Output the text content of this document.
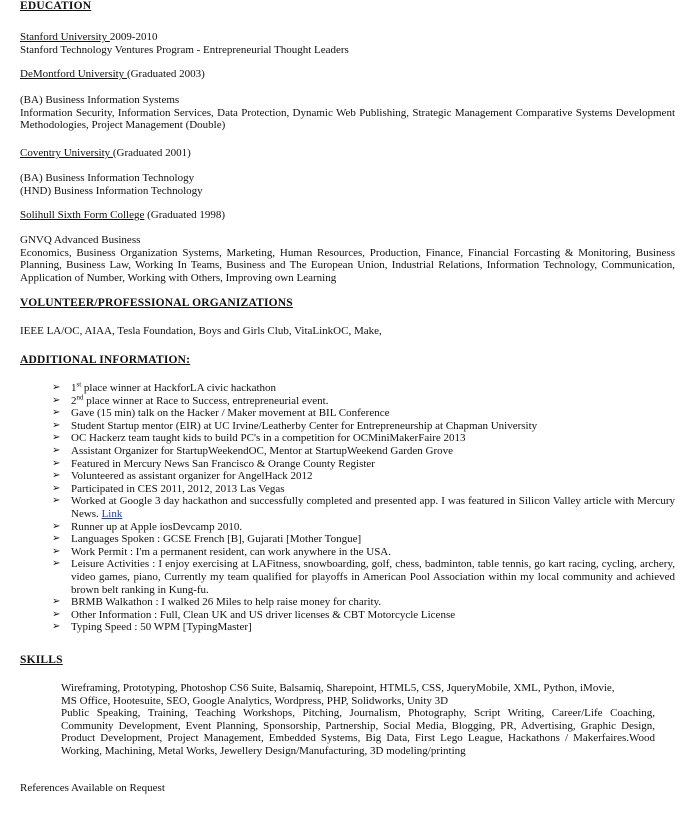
EDUCATION
Stanford University 2009-2010
Stanford Technology Ventures Program - Entrepreneurial Thought Leaders
DeMontford University (Graduated 2003)
(BA) Business Information Systems
Information Security, Information Services, Data Protection, Dynamic Web Publishing, Strategic Management Comparative Systems Development Methodologies, Project Management (Double)
Coventry University (Graduated 2001)
(BA) Business Information Technology
(HND) Business Information Technology
Solihull Sixth Form College (Graduated 1998)
GNVQ Advanced Business
Economics, Business Organization Systems, Marketing, Human Resources, Production, Finance, Financial Forcasting & Monitoring, Business Planning, Business Law, Working In Teams, Business and The European Union, Industrial Relations, Information Technology, Communication, Application of Number, Working with Others, Improving own Learning
VOLUNTEER/PROFESSIONAL ORGANIZATIONS
IEEE LA/OC, AIAA, Tesla Foundation, Boys and Girls Club, VitaLinkOC, Make,
ADDITIONAL INFORMATION:
➢ 1st place winner at HackforLA civic hackathon
➢ 2nd place winner at Race to Success, entrepreneurial event.
➢ Gave (15 min) talk on the Hacker / Maker movement at BIL Conference
➢ Student Startup mentor (EIR) at UC Irvine/Leatherby Center for Entrepreneurship at Chapman University
➢ OC Hackerz team taught kids to build PC's in a competition for OCMiniMakerFaire 2013
➢ Assistant Organizer for StartupWeekendOC, Mentor at StartupWeekend Garden Grove
➢ Featured in Mercury News San Francisco & Orange County Register
➢ Volunteered as assistant organizer for AngelHack 2012
➢ Participated in CES 2011, 2012, 2013 Las Vegas
➢ Worked at Google 3 day hackathon and successfully completed and presented app. I was featured in Silicon Valley article with Mercury News. Link
➢ Runner up at Apple iosDevcamp 2010.
➢ Languages Spoken : GCSE French [B], Gujarati [Mother Tongue]
➢ Work Permit : I'm a permanent resident, can work anywhere in the USA.
➢ Leisure Activities : I enjoy exercising at LAFitness, snowboarding, golf, chess, badminton, table tennis, go kart racing, cycling, archery, video games, piano, Currently my team qualified for playoffs in American Pool Association within my local community and achieved brown belt ranking in Kung-fu.
➢ BRMB Walkathon : I walked 26 Miles to help raise money for charity.
➢ Other Information : Full, Clean UK and US driver licenses & CBT Motorcycle License
➢ Typing Speed : 50 WPM [TypingMaster]
SKILLS
Wireframing, Prototyping, Photoshop CS6 Suite, Balsamiq, Sharepoint, HTML5, CSS, JqueryMobile, XML, Python, iMovie,
MS Office, Hootesuite, SEO, Google Analytics, Wordpress, PHP, Solidworks, Unity 3D
Public Speaking, Training, Teaching Workshops, Pitching, Journalism, Photography, Script Writing, Career/Life Coaching, Community Development, Event Planning, Sponsorship, Partnership, Social Media, Blogging, PR, Advertising, Graphic Design, Product Development, Project Management, Embedded Systems, Big Data, First Lego League, Hackathons / Makerfaires.Wood Working, Machining, Metal Works, Jewellery Design/Manufacturing, 3D modeling/printing
References Available on Request
